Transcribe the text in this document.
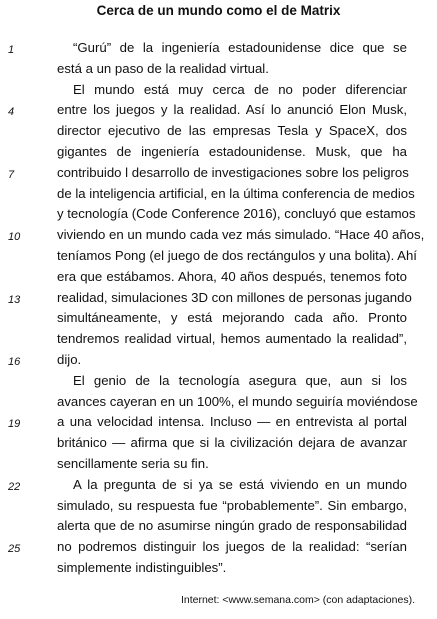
Cerca de un mundo como el de Matrix
1	“Gurú” de la ingeniería estadounidense dice que se
está a un paso de la realidad virtual.
El mundo está muy cerca de no poder diferenciar
4	entre los juegos y la realidad. Así lo anunció Elon Musk,
director ejecutivo de las empresas Tesla y SpaceX, dos
gigantes de ingeniería estadounidense. Musk, que ha
7	contribuido l desarrollo de investigaciones sobre los peligros
de la inteligencia artificial, en la última conferencia de medios
y tecnología (Code Conference 2016), concluyó que estamos
10	viviendo en un mundo cada vez más simulado. “Hace 40 años,
teníamos Pong (el juego de dos rectángulos y una bolita). Ahí
era que estábamos. Ahora, 40 años después, tenemos foto
13	realidad, simulaciones 3D con millones de personas jugando
simultáneamente, y está mejorando cada año. Pronto
tendremos realidad virtual, hemos aumentado la realidad”,
16	dijo.
El genio de la tecnología asegura que, aun si los
avances cayeran en un 100%, el mundo seguiría moviéndose
19	a una velocidad intensa. Incluso — en entrevista al portal
británico — afirma que si la civilización dejara de avanzar
sencillamente seria su fin.
22	A la pregunta de si ya se está viviendo en un mundo
simulado, su respuesta fue “probablemente”. Sin embargo,
alerta que de no asumirse ningún grado de responsabilidad
25	no podremos distinguir los juegos de la realidad: “serían
simplemente indistinguibles”.
Internet: <www.semana.com> (con adaptaciones).
